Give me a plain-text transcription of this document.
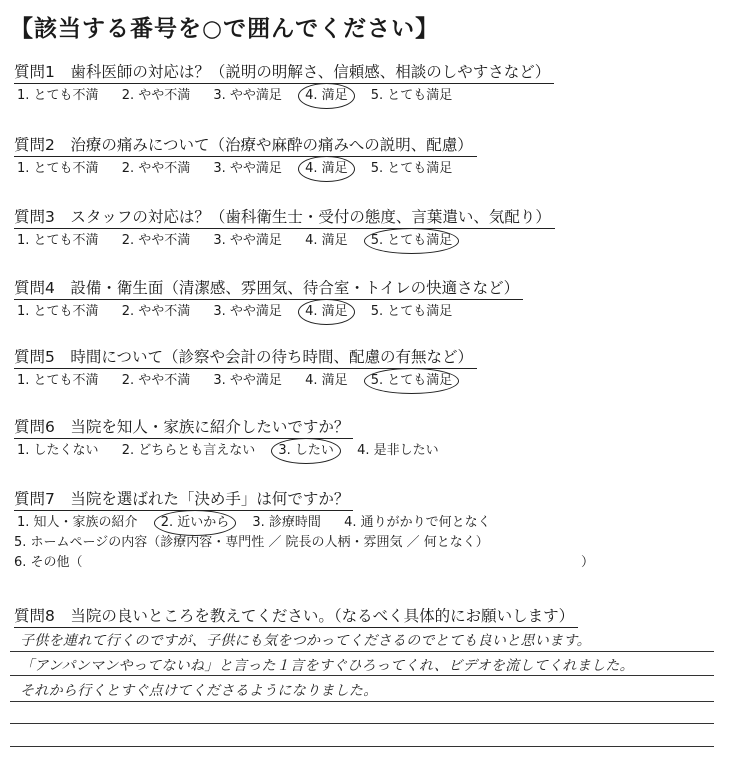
【該当する番号を○で囲んでください】
質問1　歯科医師の対応は？（説明の明解さ、信頼感、相談のしやすさなど）
1. とても不満 2. やや不満 3. やや満足 4. 満足 5. とても満足
質問2　治療の痛みについて（治療や麻酔の痛みへの説明、配慮）
1. とても不満 2. やや不満 3. やや満足 4. 満足 5. とても満足
質問3　スタッフの対応は？（歯科衛生士・受付の態度、言葉遣い、気配り）
1. とても不満 2. やや不満 3. やや満足 4. 満足 5. とても満足
質問4　設備・衛生面（清潔感、雰囲気、待合室・トイレの快適さなど）
1. とても不満 2. やや不満 3. やや満足 4. 満足 5. とても満足
質問5　時間について（診察や会計の待ち時間、配慮の有無など）
1. とても不満 2. やや不満 3. やや満足 4. 満足 5. とても満足
質問6　当院を知人・家族に紹介したいですか？
1. したくない 2. どちらとも言えない 3. したい 4. 是非したい
質問7　当院を選ばれた「決め手」は何ですか？
1. 知人・家族の紹介 2. 近いから 3. 診療時間 4. 通りがかりで何となく
5. ホームページの内容（診療内容・専門性 ／ 院長の人柄・雰囲気 ／ 何となく）
6. その他（	）
質問8　当院の良いところを教えてください。（なるべく具体的にお願いします）
子供を連れて行くのですが、子供にも気をつかってくださるのでとても良いと思います。
「アンパンマンやってないね」と言った１言をすぐひろってくれ、ビデオを流してくれました。
それから行くとすぐ点けてくださるようになりました。
